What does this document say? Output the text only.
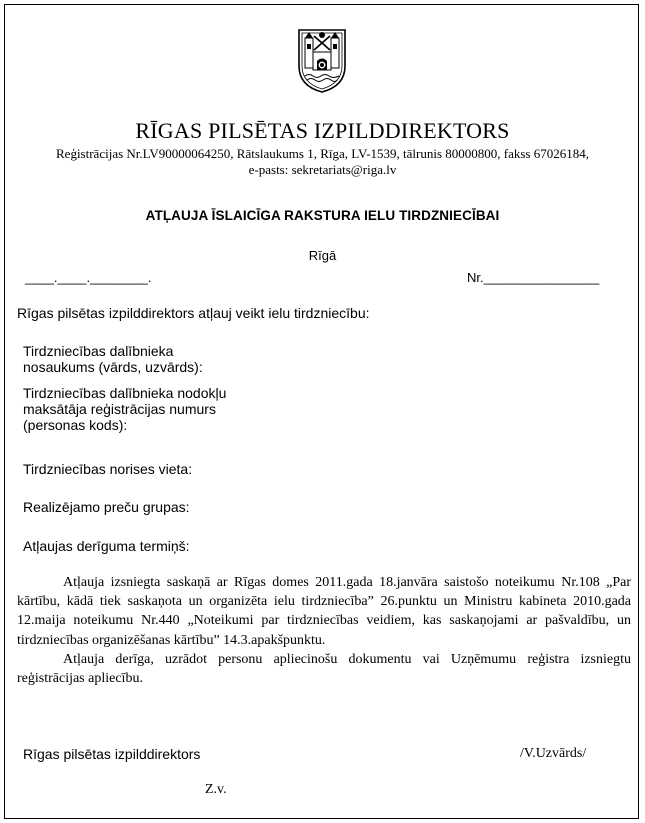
RĪGAS PILSĒTAS IZPILDDIREKTORS
Reģistrācijas Nr.LV90000064250, Rātslaukums 1, Rīga, LV-1539, tālrunis 80000800, fakss 67026184,
e-pasts: sekretariats@riga.lv
ATĻAUJA ĪSLAICĪGA RAKSTURA IELU TIRDZNIECĪBAI
Rīgā
____.____.________.	Nr.________________
Rīgas pilsētas izpilddirektors atļauj veikt ielu tirdzniecību:
Tirdzniecības dalībnieka
nosaukums (vārds, uzvārds):
Tirdzniecības dalībnieka nodokļu
maksātāja reģistrācijas numurs
(personas kods):
Tirdzniecības norises vieta:
Realizējamo preču grupas:
Atļaujas derīguma termiņš:

Atļauja izsniegta saskaņā ar Rīgas domes 2011.gada 18.janvāra saistošo noteikumu Nr.108 „Par kārtību, kādā tiek saskaņota un organizēta ielu tirdzniecība” 26.punktu un Ministru kabineta 2010.gada 12.maija noteikumu Nr.440 „Noteikumi par tirdzniecības veidiem, kas saskaņojami ar pašvaldību, un tirdzniecības organizēšanas kārtību” 14.3.apakšpunktu.

Atļauja derīga, uzrādot personu apliecinošu dokumentu vai Uzņēmumu reģistra izsniegtu reģistrācijas apliecību.

Rīgas pilsētas izpilddirektors	/V.Uzvārds/
Z.v.
